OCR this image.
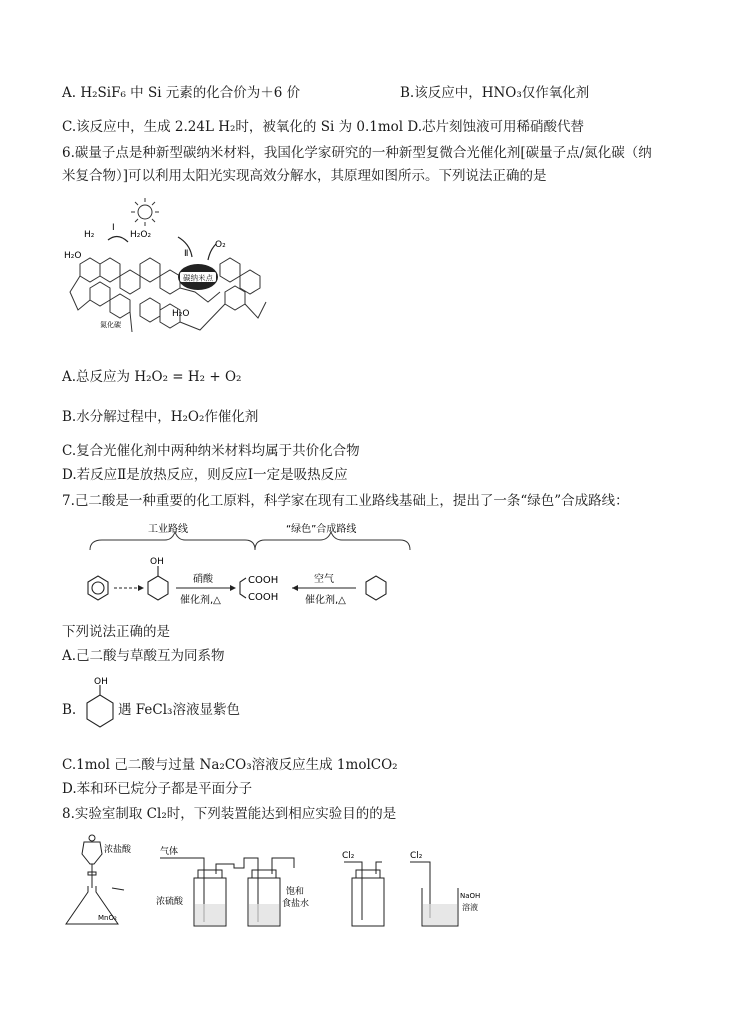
A. H₂SiF₆ 中 Si 元素的化合价为＋6 价	B.该反应中，HNO₃仅作氧化剂
C.该反应中，生成 2.24L H₂时，被氧化的 Si 为 0.1mol D.芯片刻蚀液可用稀硝酸代替
6.碳量子点是种新型碳纳米材料，我国化学家研究的一种新型复微合光催化剂[碳量子点/氮化碳（纳
米复合物）]可以利用太阳光实现高效分解水，其原理如图所示。下列说法正确的是
碳纳米点
H₂
Ⅰ
H₂O₂
Ⅱ
O₂
H₂O
H₂O
氮化碳
A.总反应为 H₂O₂ = H₂ + O₂
B.水分解过程中，H₂O₂作催化剂
C.复合光催化剂中两种纳米材料均属于共价化合物
D.若反应Ⅱ是放热反应，则反应Ⅰ一定是吸热反应
7.己二酸是一种重要的化工原料，科学家在现有工业路线基础上，提出了一条“绿色”合成路线：
工业路线	“绿色”合成路线
OH
硝酸
催化剂,△
COOH
COOH
空气
催化剂,△
下列说法正确的是
A.己二酸与草酸互为同系物
B.
OH
遇 FeCl₃溶液显紫色
C.1mol 己二酸与过量 Na₂CO₃溶液反应生成 1molCO₂
D.苯和环已烷分子都是平面分子
8.实验室制取 Cl₂时，下列装置能达到相应实验目的的是
浓盐酸
MnO₂
气体
浓硫酸
饱和
食盐水
Cl₂	Cl₂
NaOH
溶液
